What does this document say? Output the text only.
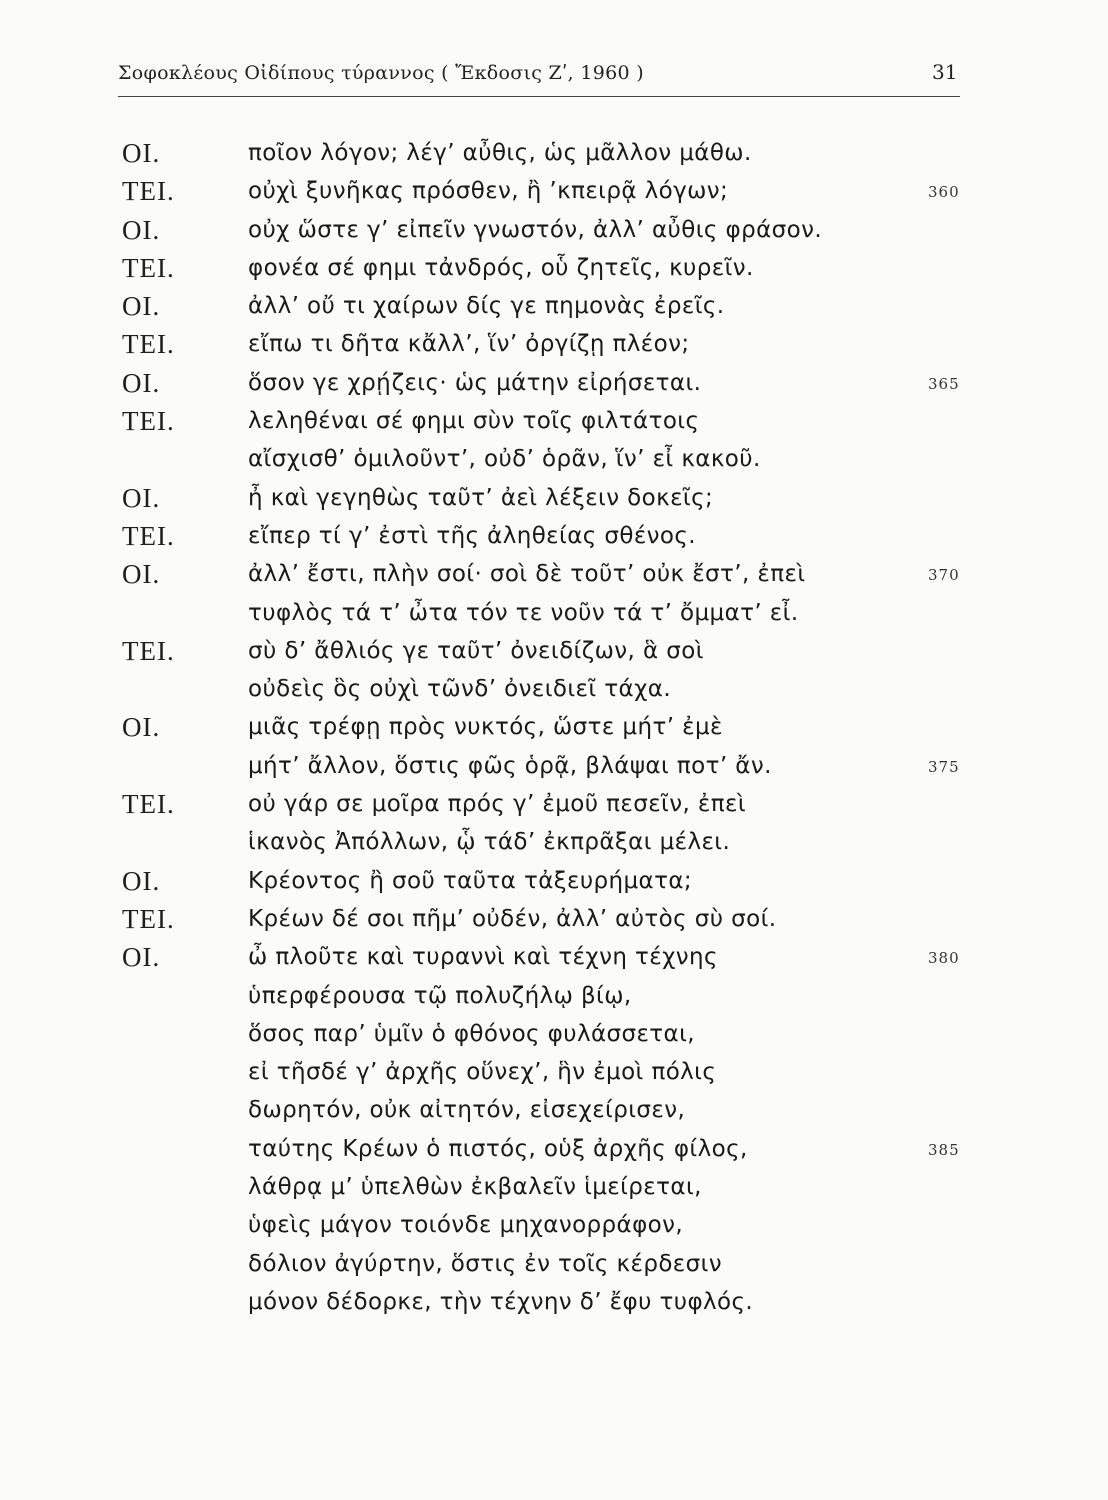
Σοφοκλέους Οἰδίπους τύραννος ( Ἔκδοσις Ζʹ, 1960 )	31
ΟΙ.	ποῖον λόγον; λέγ’ αὖθις, ὡς μᾶλλον μάθω.
ΤΕΙ.	οὐχὶ ξυνῆκας πρόσθεν, ἢ ’κπειρᾷ λόγων;	360
ΟΙ.	οὐχ ὥστε γ’ εἰπεῖν γνωστόν, ἀλλ’ αὖθις φράσον.
ΤΕΙ.	φονέα σέ φημι τἀνδρός, οὗ ζητεῖς, κυρεῖν.
ΟΙ.	ἀλλ’ οὔ τι χαίρων δίς γε πημονὰς ἐρεῖς.
ΤΕΙ.	εἴπω τι δῆτα κἄλλ’, ἵν’ ὀργίζῃ πλέον;
ΟΙ.	ὅσον γε χρῄζεις· ὡς μάτην εἰρήσεται.	365
ΤΕΙ.	λεληθέναι σέ φημι σὺν τοῖς φιλτάτοις
αἴσχισθ’ ὁμιλοῦντ’, οὐδ’ ὁρᾶν, ἵν’ εἶ κακοῦ.
ΟΙ.	ἦ καὶ γεγηθὼς ταῦτ’ ἀεὶ λέξειν δοκεῖς;
ΤΕΙ.	εἴπερ τί γ’ ἐστὶ τῆς ἀληθείας σθένος.
ΟΙ.	ἀλλ’ ἔστι, πλὴν σοί· σοὶ δὲ τοῦτ’ οὐκ ἔστ’, ἐπεὶ	370
τυφλὸς τά τ’ ὦτα τόν τε νοῦν τά τ’ ὄμματ’ εἶ.
ΤΕΙ.	σὺ δ’ ἄθλιός γε ταῦτ’ ὀνειδίζων, ἃ σοὶ
οὐδεὶς ὃς οὐχὶ τῶνδ’ ὀνειδιεῖ τάχα.
ΟΙ.	μιᾶς τρέφῃ πρὸς νυκτός, ὥστε μήτ’ ἐμὲ
μήτ’ ἄλλον, ὅστις φῶς ὁρᾷ, βλάψαι ποτ’ ἄν.	375
ΤΕΙ.	οὐ γάρ σε μοῖρα πρός γ’ ἐμοῦ πεσεῖν, ἐπεὶ
ἱκανὸς Ἀπόλλων, ᾧ τάδ’ ἐκπρᾶξαι μέλει.
ΟΙ.	Κρέοντος ἢ σοῦ ταῦτα τἀξευρήματα;
ΤΕΙ.	Κρέων δέ σοι πῆμ’ οὐδέν, ἀλλ’ αὐτὸς σὺ σοί.
ΟΙ.	ὦ πλοῦτε καὶ τυραννὶ καὶ τέχνη τέχνης	380
ὑπερφέρουσα τῷ πολυζήλῳ βίῳ,
ὅσος παρ’ ὑμῖν ὁ φθόνος φυλάσσεται,
εἰ τῆσδέ γ’ ἀρχῆς οὕνεχ’, ἣν ἐμοὶ πόλις
δωρητόν, οὐκ αἰτητόν, εἰσεχείρισεν,
ταύτης Κρέων ὁ πιστός, οὑξ ἀρχῆς φίλος,	385
λάθρᾳ μ’ ὑπελθὼν ἐκβαλεῖν ἱμείρεται,
ὑφεὶς μάγον τοιόνδε μηχανορράφον,
δόλιον ἀγύρτην, ὅστις ἐν τοῖς κέρδεσιν
μόνον δέδορκε, τὴν τέχνην δ’ ἔφυ τυφλός.
